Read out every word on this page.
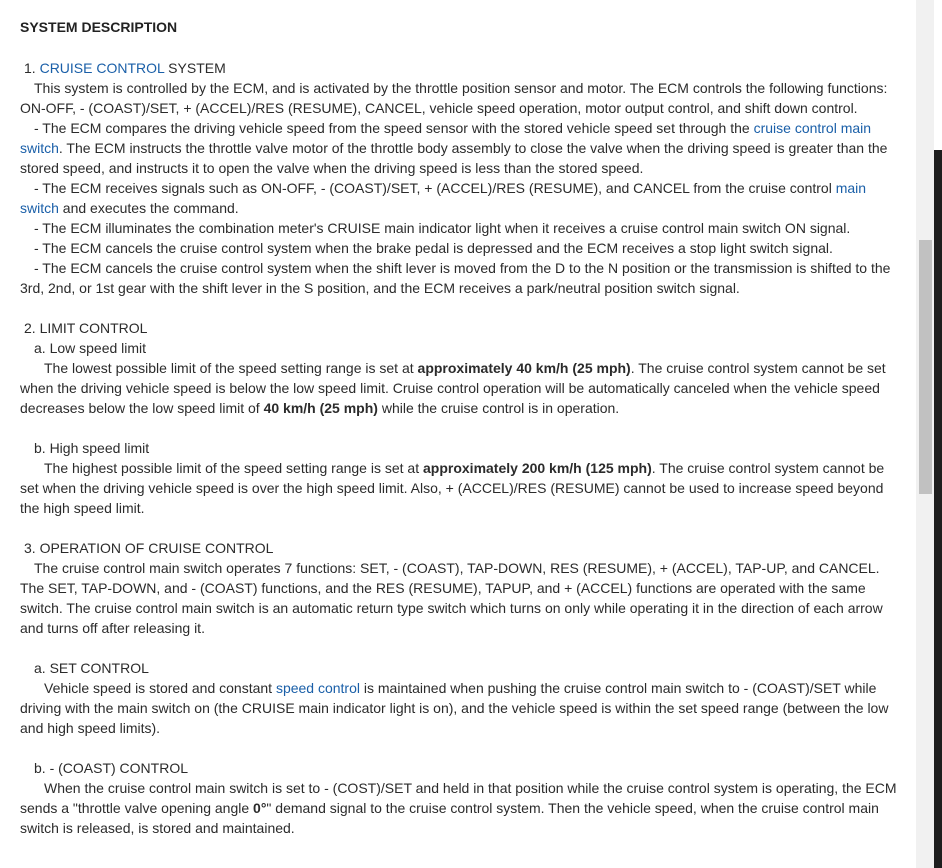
SYSTEM DESCRIPTION

1. CRUISE CONTROL SYSTEM

This system is controlled by the ECM, and is activated by the throttle position sensor and motor. The ECM controls the following functions: ON-OFF, - (COAST)/SET, + (ACCEL)/RES (RESUME), CANCEL, vehicle speed operation, motor output control, and shift down control.

- The ECM compares the driving vehicle speed from the speed sensor with the stored vehicle speed set through the cruise control main switch. The ECM instructs the throttle valve motor of the throttle body assembly to close the valve when the driving speed is greater than the stored speed, and instructs it to open the valve when the driving speed is less than the stored speed.

- The ECM receives signals such as ON-OFF, - (COAST)/SET, + (ACCEL)/RES (RESUME), and CANCEL from the cruise control main switch and executes the command.

- The ECM illuminates the combination meter's CRUISE main indicator light when it receives a cruise control main switch ON signal.

- The ECM cancels the cruise control system when the brake pedal is depressed and the ECM receives a stop light switch signal.

- The ECM cancels the cruise control system when the shift lever is moved from the D to the N position or the transmission is shifted to the 3rd, 2nd, or 1st gear with the shift lever in the S position, and the ECM receives a park/neutral position switch signal.

2. LIMIT CONTROL

a. Low speed limit

The lowest possible limit of the speed setting range is set at approximately 40 km/h (25 mph). The cruise control system cannot be set when the driving vehicle speed is below the low speed limit. Cruise control operation will be automatically canceled when the vehicle speed decreases below the low speed limit of 40 km/h (25 mph) while the cruise control is in operation.

b. High speed limit

The highest possible limit of the speed setting range is set at approximately 200 km/h (125 mph). The cruise control system cannot be set when the driving vehicle speed is over the high speed limit. Also, + (ACCEL)/RES (RESUME) cannot be used to increase speed beyond the high speed limit.

3. OPERATION OF CRUISE CONTROL

The cruise control main switch operates 7 functions: SET, - (COAST), TAP-DOWN, RES (RESUME), + (ACCEL), TAP-UP, and CANCEL. The SET, TAP-DOWN, and - (COAST) functions, and the RES (RESUME), TAPUP, and + (ACCEL) functions are operated with the same switch. The cruise control main switch is an automatic return type switch which turns on only while operating it in the direction of each arrow and turns off after releasing it.

a. SET CONTROL

Vehicle speed is stored and constant speed control is maintained when pushing the cruise control main switch to - (COAST)/SET while driving with the main switch on (the CRUISE main indicator light is on), and the vehicle speed is within the set speed range (between the low and high speed limits).

b. - (COAST) CONTROL

When the cruise control main switch is set to - (COST)/SET and held in that position while the cruise control system is operating, the ECM sends a "throttle valve opening angle 0°" demand signal to the cruise control system. Then the vehicle speed, when the cruise control main switch is released, is stored and maintained.
